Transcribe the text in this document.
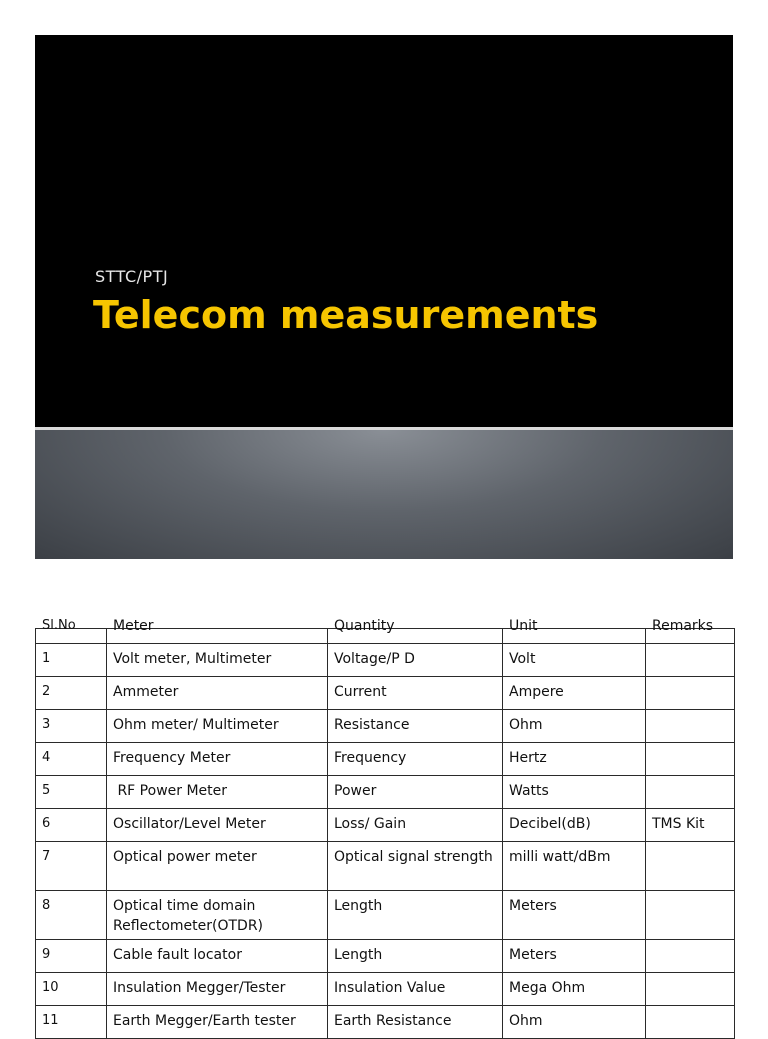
STTC/PTJ
Telecom measurements
Sl.No	Meter	Quantity	Unit	Remarks

1	Volt meter, Multimeter	Voltage/P D	Volt	
2	Ammeter	Current	Ampere	
3	Ohm meter/ Multimeter	Resistance	Ohm	
4	Frequency Meter	Frequency	Hertz	
5	RF Power Meter	Power	Watts	
6	Oscillator/Level Meter	Loss/ Gain	Decibel(dB)	TMS Kit
7	Optical power meter	Optical signal strength	milli watt/dBm	
8	Optical time domain Reflectometer(OTDR)	Length	Meters	
9	Cable fault locator	Length	Meters	
10	Insulation Megger/Tester	Insulation Value	Mega Ohm	
11	Earth Megger/Earth tester	Earth Resistance	Ohm	
